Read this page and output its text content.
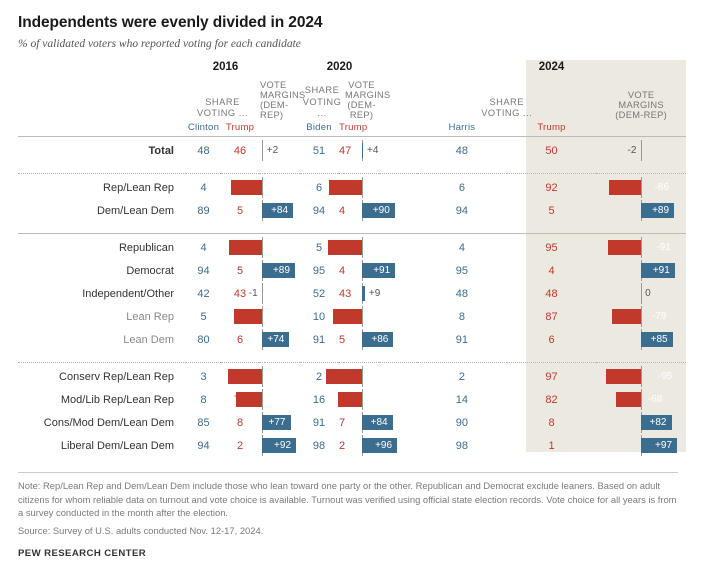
Independents were evenly divided in 2024
% of validated voters who reported voting for each candidate
	2016				2020				2024		
	SHARE
VOTING ...		VOTE
MARGINS
(DEM-REP)		SHARE
VOTING ...		VOTE
MARGINS
(DEM-REP)		SHARE
VOTING ...		VOTE
MARGINS
(DEM-REP)
	Clinton	Trump			Biden	Trump			Harris	Trump	

Total	48	46	+2		51	47	+4		48	50	-2

Rep/Lean Rep	4		-85		6		-87		6	92	-86

Dem/Lean Dem	89	5	+84		94	4	+90		94	5	+89

Republican	4		-88		5		-90		4	95	-91

Democrat	94	5	+89		95	4	+91		95	4	+91

Independent/Other	42	43	-1		52	43	+9		48	48	0

Lean Rep	5		-77		10		-76		8	87	-79

Lean Dem	80	6	+74		91	5	+86		91	6	+85

Conserv Rep/Lean Rep	3		-91		2		-95		2	97	-95

Mod/Lib Rep/Lean Rep	8		-71		16		-65		14	82	-68

Cons/Mod Dem/Lean Dem	85	8	+77		91	7	+84		90	8	+82

Liberal Dem/Lean Dem	94	2	+92		98	2	+96		98	1	+97

Note: Rep/Lean Rep and Dem/Lean Dem include those who lean toward one party or the other. Republican and Democrat exclude leaners. Based on adult citizens for whom reliable data on turnout and vote choice is available. Turnout was verified using official state election records. Vote choice for all years is from a survey conducted in the month after the election.
Source: Survey of U.S. adults conducted Nov. 12-17, 2024.
PEW RESEARCH CENTER
